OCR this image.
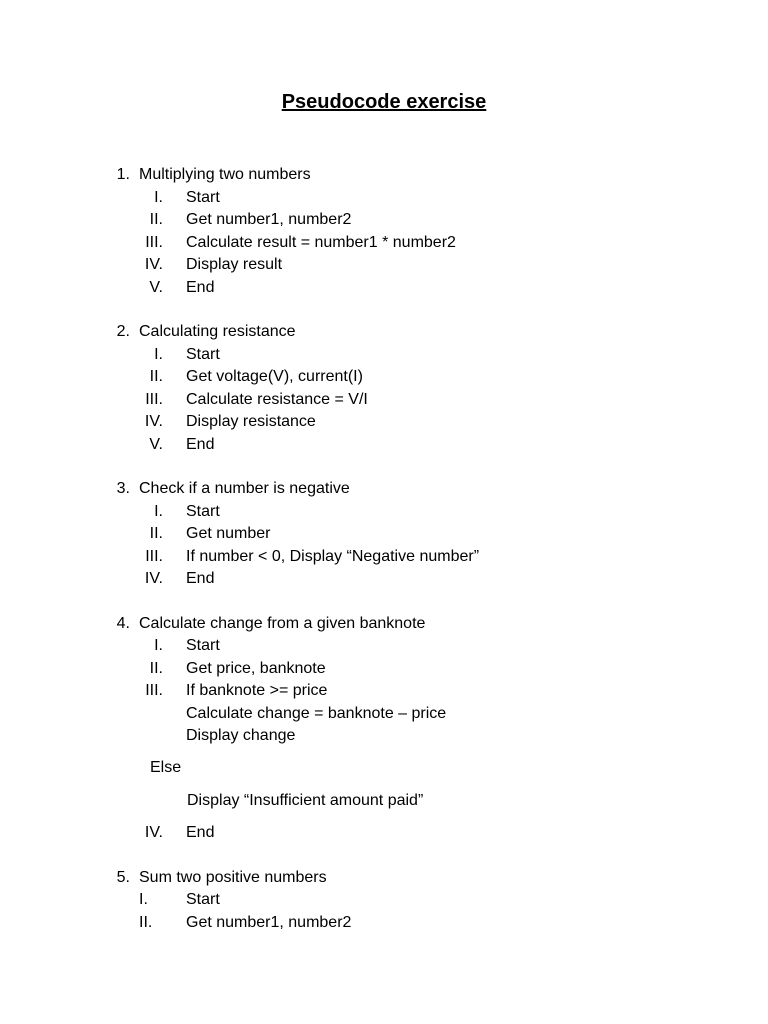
Pseudocode exercise
1. Multiplying two numbers
I. Start
II. Get number1, number2
III. Calculate result = number1 * number2
IV. Display result
V. End
2. Calculating resistance
I. Start
II. Get voltage(V), current(I)
III. Calculate resistance = V/I
IV. Display resistance
V. End
3. Check if a number is negative
I. Start
II. Get number
III. If number < 0, Display “Negative number”
IV. End
4. Calculate change from a given banknote
I. Start
II. Get price, banknote
III. If banknote >= price
Calculate change = banknote – price
Display change
Else
Display “Insufficient amount paid”
IV. End
5. Sum two positive numbers
I. Start
II. Get number1, number2
